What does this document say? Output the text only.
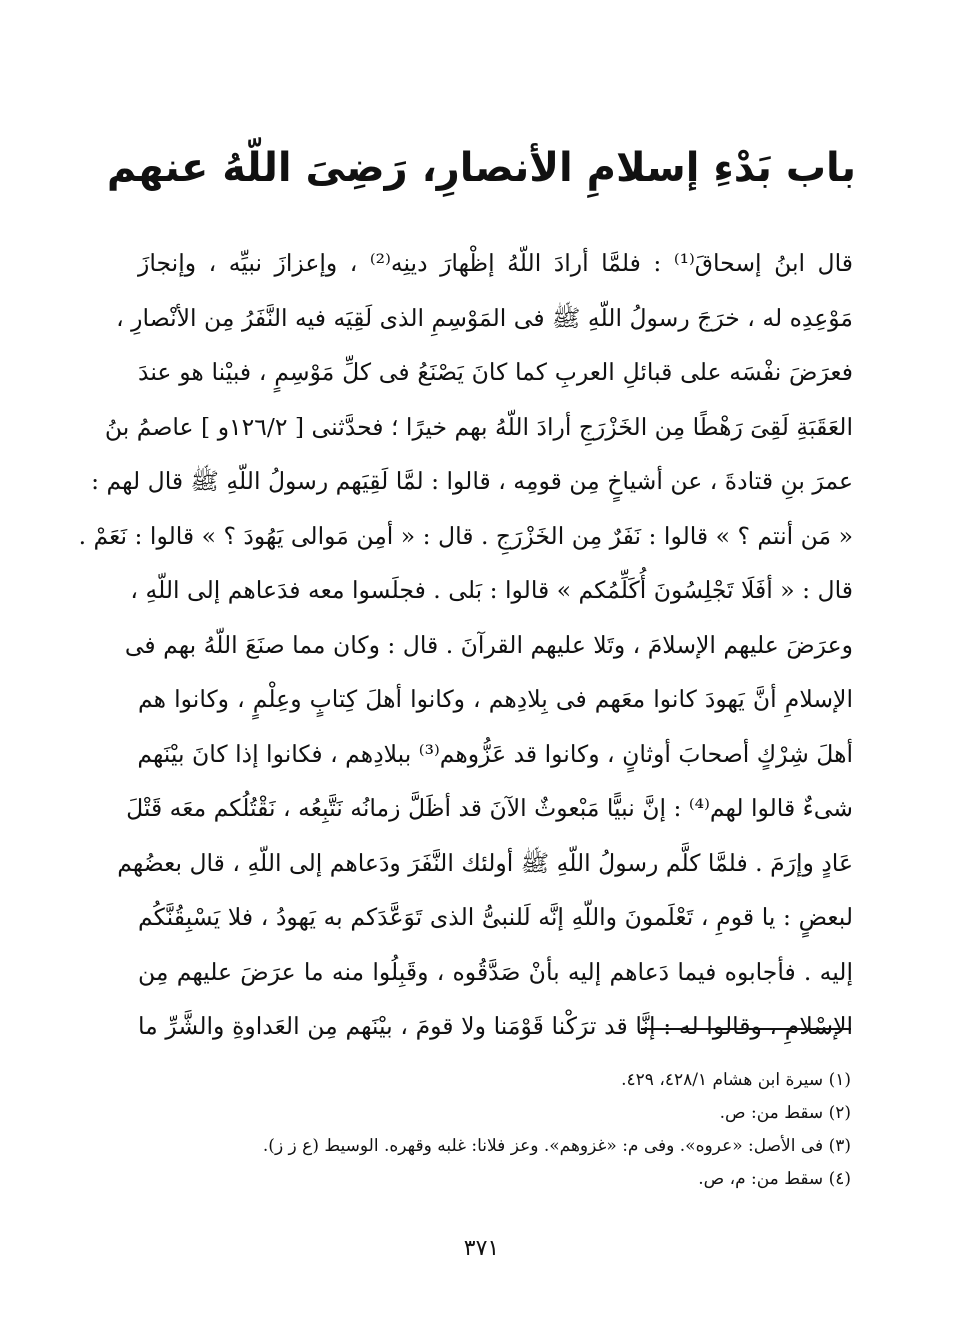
باب بَدْءِ إسلامِ الأنصارِ، رَضِىَ اللّهُ عنهم
قال ابنُ إسحاقَ⁽¹⁾ : فلمَّا أرادَ اللّهُ إظْهارَ دينِه⁽²⁾ ، وإعزازَ نبيِّه ، وإنجازَ
مَوْعِدِه له ، خرَجَ رسولُ اللّهِ ﷺ فى المَوْسِمِ الذى لَقِيَه فيه النَّفَرُ مِن الأنْصارِ ،
فعرَضَ نفْسَه على قبائلِ العربِ كما كانَ يَصْنَعُ فى كلِّ مَوْسِمٍ ، فبيْنا هو عندَ
العَقَبَةِ لَقِىَ رَهْطًا مِن الخَزْرَجِ أرادَ اللّهُ بهم خيرًا ؛ فحدَّثنى [ ١٢٦/٢و ] عاصمُ بنُ
عمرَ بنِ قتادةَ ، عن أشياخٍ مِن قومِه ، قالوا : لمَّا لَقِيَهم رسولُ اللّهِ ﷺ قال لهم :
« مَن أنتم ؟ » قالوا : نَفَرٌ مِن الخَزْرَجِ . قال : « أمِن مَوالى يَهُودَ ؟ » قالوا : نَعَمْ .
قال : « أفَلَا تَجْلِسُونَ أُكَلِّمُكم » قالوا : بَلى . فجلَسوا معه فدَعاهم إلى اللّهِ ،
وعرَضَ عليهم الإسلامَ ، وتَلا عليهم القرآنَ . قال : وكان مما صنَعَ اللّهُ بهم فى
الإسلامِ أنَّ يَهودَ كانوا معَهم فى بِلادِهم ، وكانوا أهلَ كِتابٍ وعِلْمٍ ، وكانوا هم
أهلَ شِرْكٍ أصحابَ أوثانٍ ، وكانوا قد عَزُّوهم⁽³⁾ ببلادِهم ، فكانوا إذا كانَ بيْنَهم
شىءٌ قالوا لهم⁽⁴⁾ : إنَّ نبيًّا مَبْعوثٌ الآنَ قد أظَلَّ زمانُه نَتَّبِعُه ، نَقْتُلُكم معَه قَتْلَ
عَادٍ وإرَمَ . فلمَّا كلَّم رسولُ اللّهِ ﷺ أولئك النَّفَرَ ودَعاهم إلى اللّهِ ، قال بعضُهم
لبعضٍ : يا قومِ ، تَعْلَمونَ واللّهِ إنَّه لَلنبىُّ الذى تَوَعَّدَكم به يَهودُ ، فلا يَسْبِقُنَّكُم
إليه . فأجابوه فيما دَعاهم إليه بأنْ صَدَّقُوه ، وقَبِلُوا منه ما عرَضَ عليهم مِن
الإسْلامِ ، وقالوا له : إنَّا قد ترَكْنا قَوْمَنا ولا قومَ ، بيْنَهم مِن العَداوةِ والشَّرِّ ما
(١) سيرة ابن هشام ٤٢٨/١، ٤٢٩.
(٢) سقط من: ص.
(٣) فى الأصل: «عروه». وفى م: «غزوهم». وعز فلانا: غلبه وقهره. الوسيط (ع ز ز).
(٤) سقط من: م، ص.
٣٧١
